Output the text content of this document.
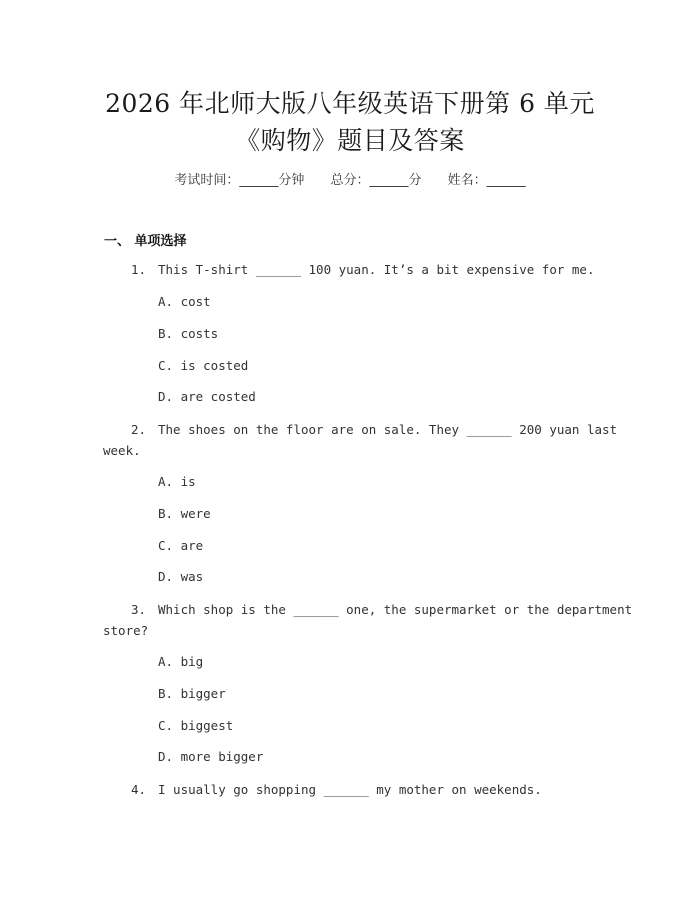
2026 年北师大版八年级英语下册第 6 单元
《购物》题目及答案
考试时间：______分钟 总分：______分 姓名：______
一、 单项选择
1. This T-shirt ______ 100 yuan. It’s a bit expensive for me.
A. cost
B. costs
C. is costed
D. are costed
2. The shoes on the floor are on sale. They ______ 200 yuan last
week.
A. is
B. were
C. are
D. was
3. Which shop is the ______ one, the supermarket or the department
store?
A. big
B. bigger
C. biggest
D. more bigger
4. I usually go shopping ______ my mother on weekends.
